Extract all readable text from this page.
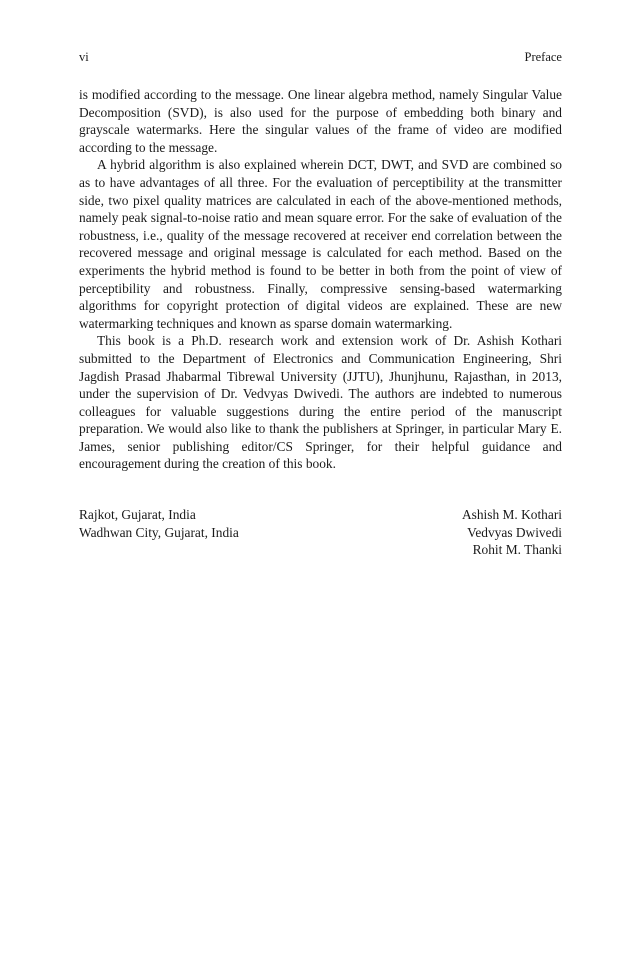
vi	Preface

is modified according to the message. One linear algebra method, namely Singular Value Decomposition (SVD), is also used for the purpose of embedding both binary and grayscale watermarks. Here the singular values of the frame of video are modified according to the message.

A hybrid algorithm is also explained wherein DCT, DWT, and SVD are combined so as to have advantages of all three. For the evaluation of perceptibility at the transmitter side, two pixel quality matrices are calculated in each of the above-mentioned methods, namely peak signal-to-noise ratio and mean square error. For the sake of evaluation of the robustness, i.e., quality of the message recovered at receiver end correlation between the recovered message and original message is calculated for each method. Based on the experiments the hybrid method is found to be better in both from the point of view of perceptibility and robustness. Finally, compressive sensing-based watermarking algorithms for copyright protection of digital videos are explained. These are new watermarking techniques and known as sparse domain watermarking.

This book is a Ph.D. research work and extension work of Dr. Ashish Kothari submitted to the Department of Electronics and Communication Engineering, Shri Jagdish Prasad Jhabarmal Tibrewal University (JJTU), Jhunjhunu, Rajasthan, in 2013, under the supervision of Dr. Vedvyas Dwivedi. The authors are indebted to numerous colleagues for valuable suggestions during the entire period of the manuscript preparation. We would also like to thank the publishers at Springer, in particular Mary E. James, senior publishing editor/CS Springer, for their helpful guidance and encouragement during the creation of this book.

Rajkot, Gujarat, India
Wadhwan City, Gujarat, India
Ashish M. Kothari
Vedvyas Dwivedi
Rohit M. Thanki
